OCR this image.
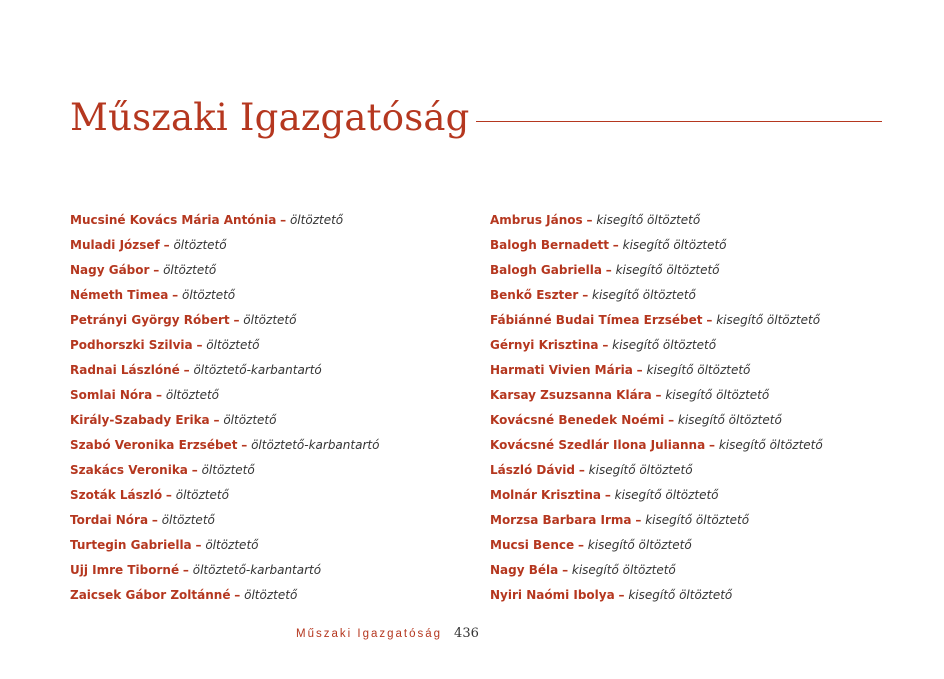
Műszaki Igazgatóság
Mucsiné Kovács Mária Antónia – öltöztető
Muladi József – öltöztető
Nagy Gábor – öltöztető
Németh Timea – öltöztető
Petrányi György Róbert – öltöztető
Podhorszki Szilvia – öltöztető
Radnai Lászlóné – öltöztető-karbantartó
Somlai Nóra – öltöztető
Király-Szabady Erika – öltöztető
Szabó Veronika Erzsébet – öltöztető-karbantartó
Szakács Veronika – öltöztető
Szoták László – öltöztető
Tordai Nóra – öltöztető
Turtegin Gabriella – öltöztető
Ujj Imre Tiborné – öltöztető-karbantartó
Zaicsek Gábor Zoltánné – öltöztető
Ambrus János – kisegítő öltöztető
Balogh Bernadett – kisegítő öltöztető
Balogh Gabriella – kisegítő öltöztető
Benkő Eszter – kisegítő öltöztető
Fábiánné Budai Tímea Erzsébet – kisegítő öltöztető
Gérnyi Krisztina – kisegítő öltöztető
Harmati Vivien Mária – kisegítő öltöztető
Karsay Zsuzsanna Klára – kisegítő öltöztető
Kovácsné Benedek Noémi – kisegítő öltöztető
Kovácsné Szedlár Ilona Julianna – kisegítő öltöztető
László Dávid – kisegítő öltöztető
Molnár Krisztina – kisegítő öltöztető
Morzsa Barbara Irma – kisegítő öltöztető
Mucsi Bence – kisegítő öltöztető
Nagy Béla – kisegítő öltöztető
Nyiri Naómi Ibolya – kisegítő öltöztető
Műszaki Igazgatóság 436
